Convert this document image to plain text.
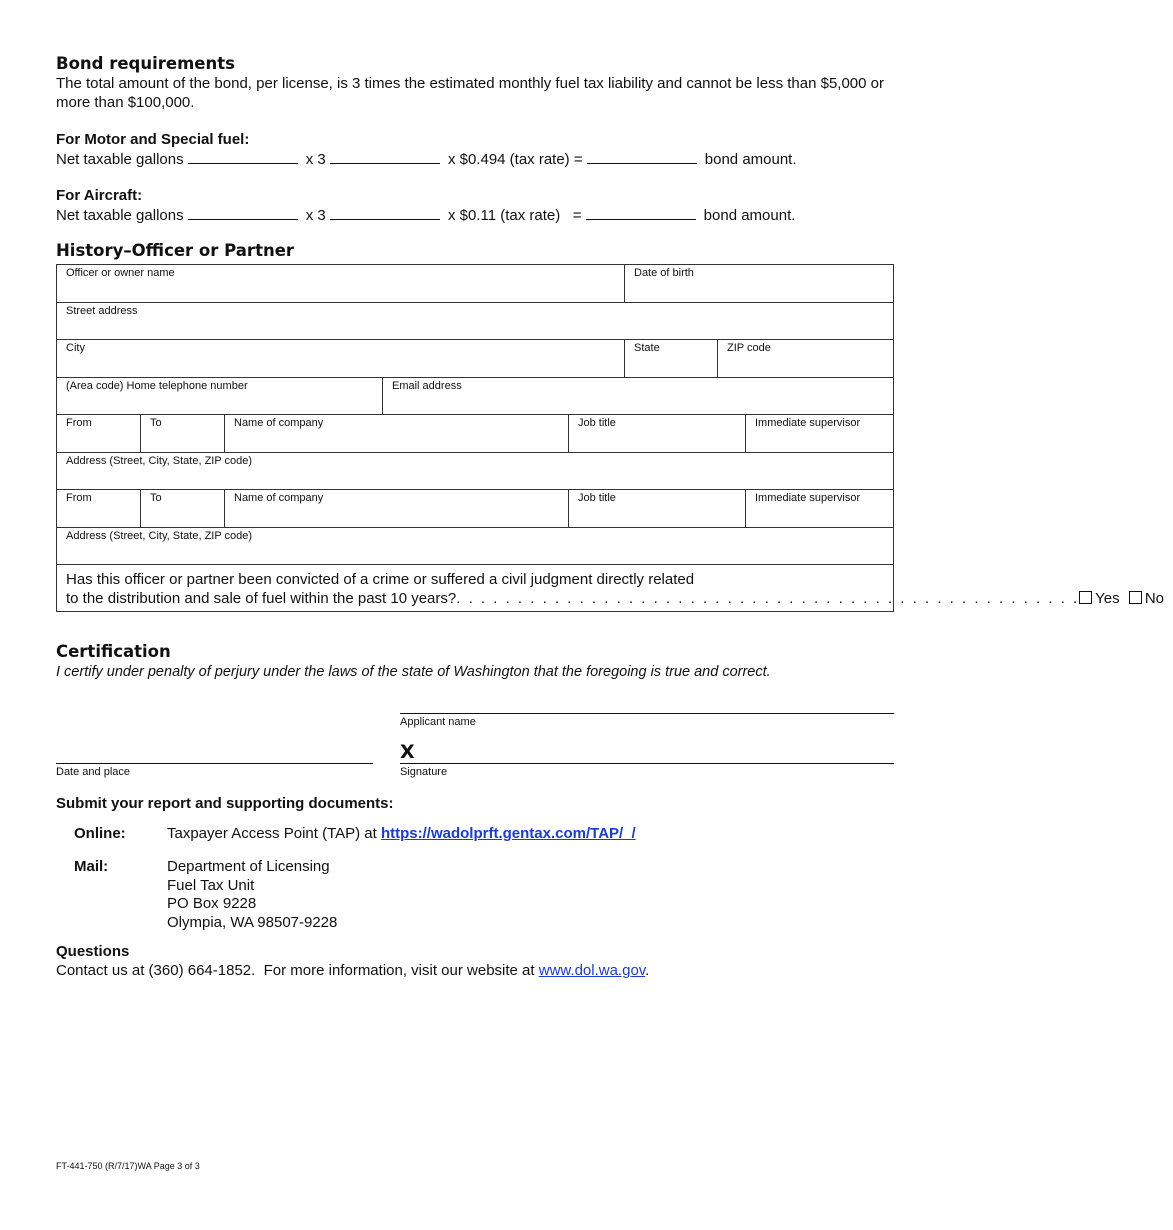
Bond requirements
The total amount of the bond, per license, is 3 times the estimated monthly fuel tax liability and cannot be less than $5,000 or more than $100,000.
For Motor and Special fuel:
Net taxable gallons	x 3	x $0.494 (tax rate) =	bond amount.
For Aircraft:
Net taxable gallons	x 3	x $0.11 (tax rate)   =	bond amount.
History–Officer or Partner
Officer or owner name	Date of birth
Street address
City	State	ZIP code
(Area code) Home telephone number	Email address
From	To	Name of company	Job title	Immediate supervisor
Address (Street, City, State, ZIP code)
From	To	Name of company	Job title	Immediate supervisor
Address (Street, City, State, ZIP code)
Has this officer or partner been convicted of a crime or suffered a civil judgment directly related
to the distribution and sale of fuel within the past 10 years? . . . . . . . . . . . . . . . . . . . . . . . . . . . . . . . . . . . . . . . . . . . . . . . . . . .	Yes No
Certification
I certify under penalty of perjury under the laws of the state of Washington that the foregoing is true and correct.
Applicant name
Date and place
X
Signature
Submit your report and supporting documents:
Online:	Taxpayer Access Point (TAP) at https://wadolprft.gentax.com/TAP/_/
Mail:	Department of Licensing
Fuel Tax Unit
PO Box 9228
Olympia, WA 98507-9228
Questions
Contact us at (360) 664-1852.  For more information, visit our website at www.dol.wa.gov.
FT-441-750 (R/7/17)WA Page 3 of 3
